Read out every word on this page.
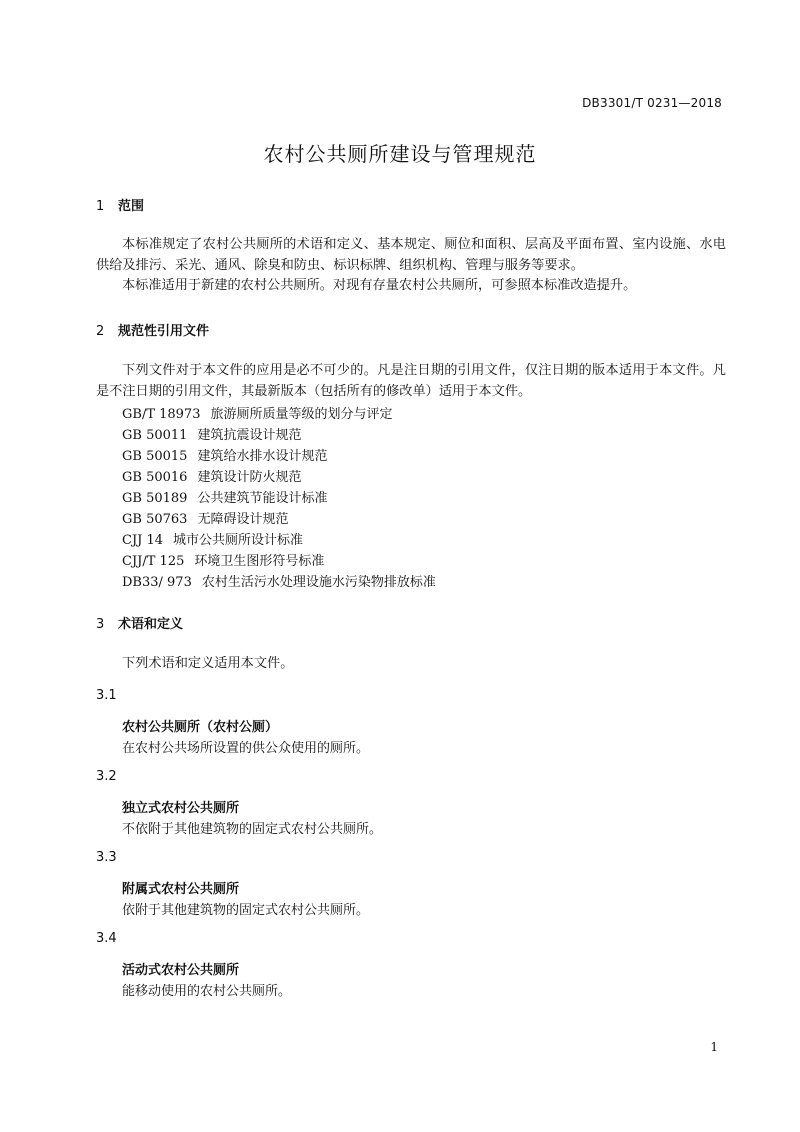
DB3301/T 0231—2018
农村公共厕所建设与管理规范
1 范围
本标准规定了农村公共厕所的术语和定义、基本规定、厕位和面积、层高及平面布置、室内设施、水电供给及排污、采光、通风、除臭和防虫、标识标牌、组织机构、管理与服务等要求。
本标准适用于新建的农村公共厕所。对现有存量农村公共厕所，可参照本标准改造提升。
2 规范性引用文件
下列文件对于本文件的应用是必不可少的。凡是注日期的引用文件，仅注日期的版本适用于本文件。凡是不注日期的引用文件，其最新版本（包括所有的修改单）适用于本文件。
GB/T 18973 旅游厕所质量等级的划分与评定
GB 50011 建筑抗震设计规范
GB 50015 建筑给水排水设计规范
GB 50016 建筑设计防火规范
GB 50189 公共建筑节能设计标准
GB 50763 无障碍设计规范
CJJ 14 城市公共厕所设计标准
CJJ/T 125 环境卫生图形符号标准
DB33/ 973 农村生活污水处理设施水污染物排放标准
3 术语和定义
下列术语和定义适用本文件。
3.1
农村公共厕所（农村公厕）
在农村公共场所设置的供公众使用的厕所。
3.2
独立式农村公共厕所
不依附于其他建筑物的固定式农村公共厕所。
3.3
附属式农村公共厕所
依附于其他建筑物的固定式农村公共厕所。
3.4
活动式农村公共厕所
能移动使用的农村公共厕所。
1
